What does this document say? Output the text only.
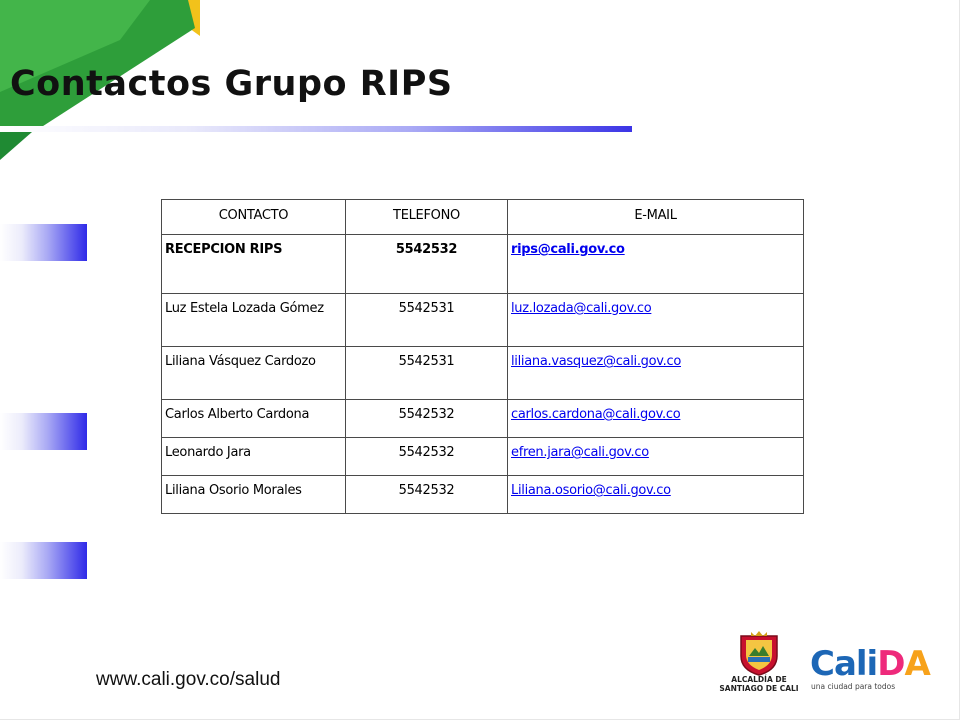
Contactos Grupo RIPS
CONTACTO	TELEFONO	E-MAIL
RECEPCION RIPS	5542532	rips@cali.gov.co
Luz Estela Lozada Gómez	5542531	luz.lozada@cali.gov.co
Liliana Vásquez Cardozo	5542531	liliana.vasquez@cali.gov.co
Carlos Alberto Cardona	5542532	carlos.cardona@cali.gov.co
Leonardo Jara	5542532	efren.jara@cali.gov.co
Liliana Osorio Morales	5542532	Liliana.osorio@cali.gov.co
www.cali.gov.co/salud	ALCALDÍA DE
SANTIAGO DE CALI
CaliDA
una ciudad para todos
